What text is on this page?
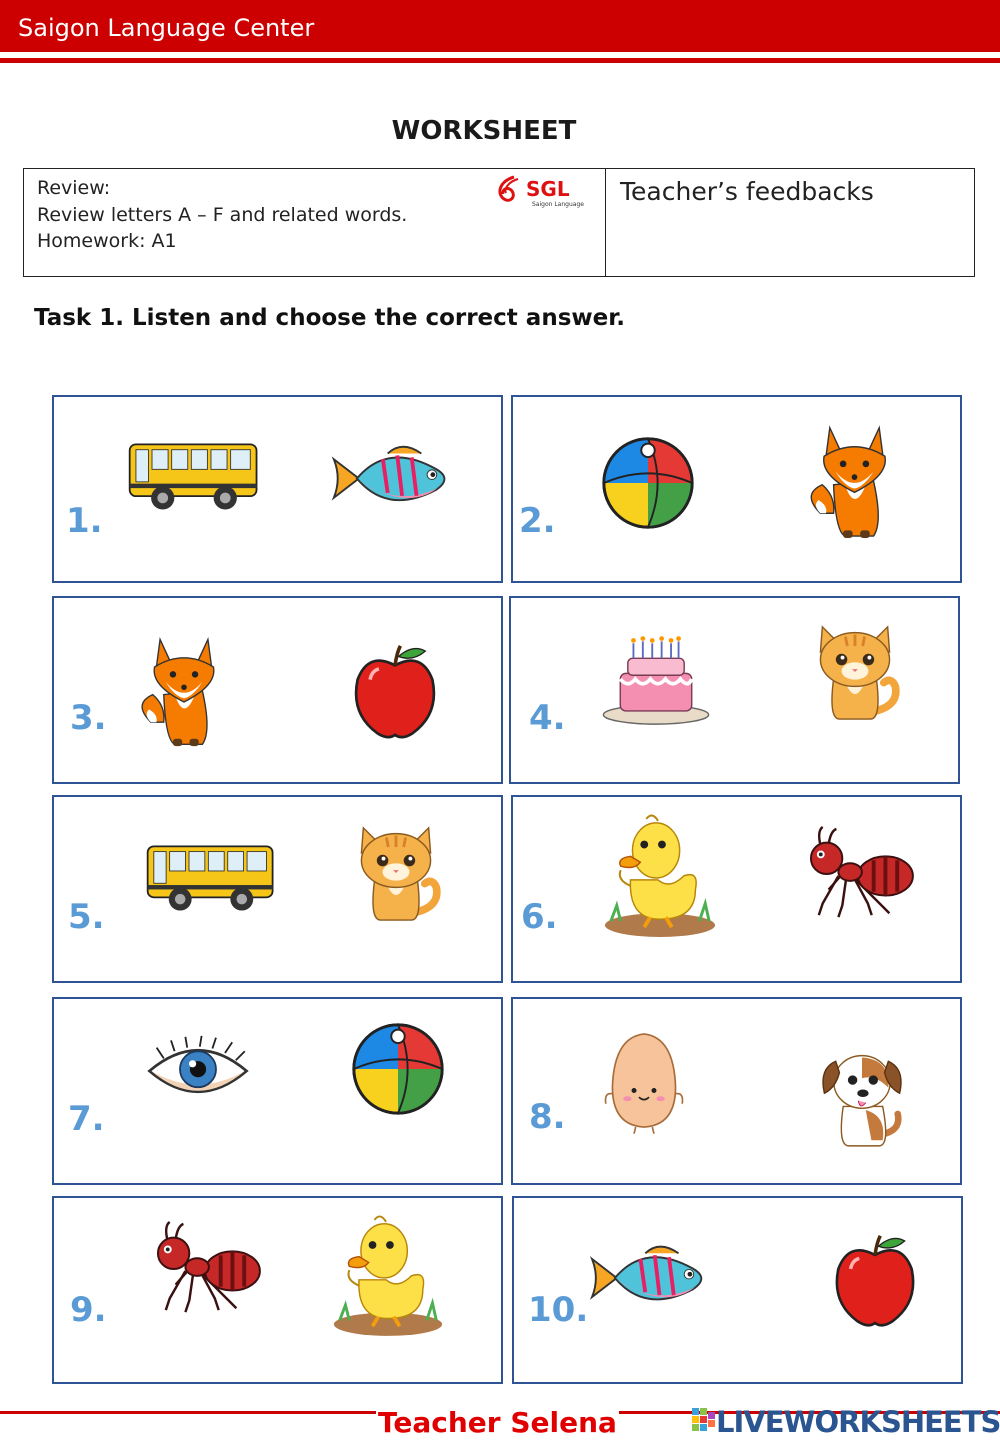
Saigon Language Center
WORKSHEET
Review:
Review letters A – F and related words.
Homework: A1
SGL
Saigon Language Teacher’s feedbacks
Task 1. Listen and choose the correct answer.
1.	2.
3.	4.
5.	6.
7.	8.
9.	10.
Teacher Selena	LIVEWORKSHEETS
